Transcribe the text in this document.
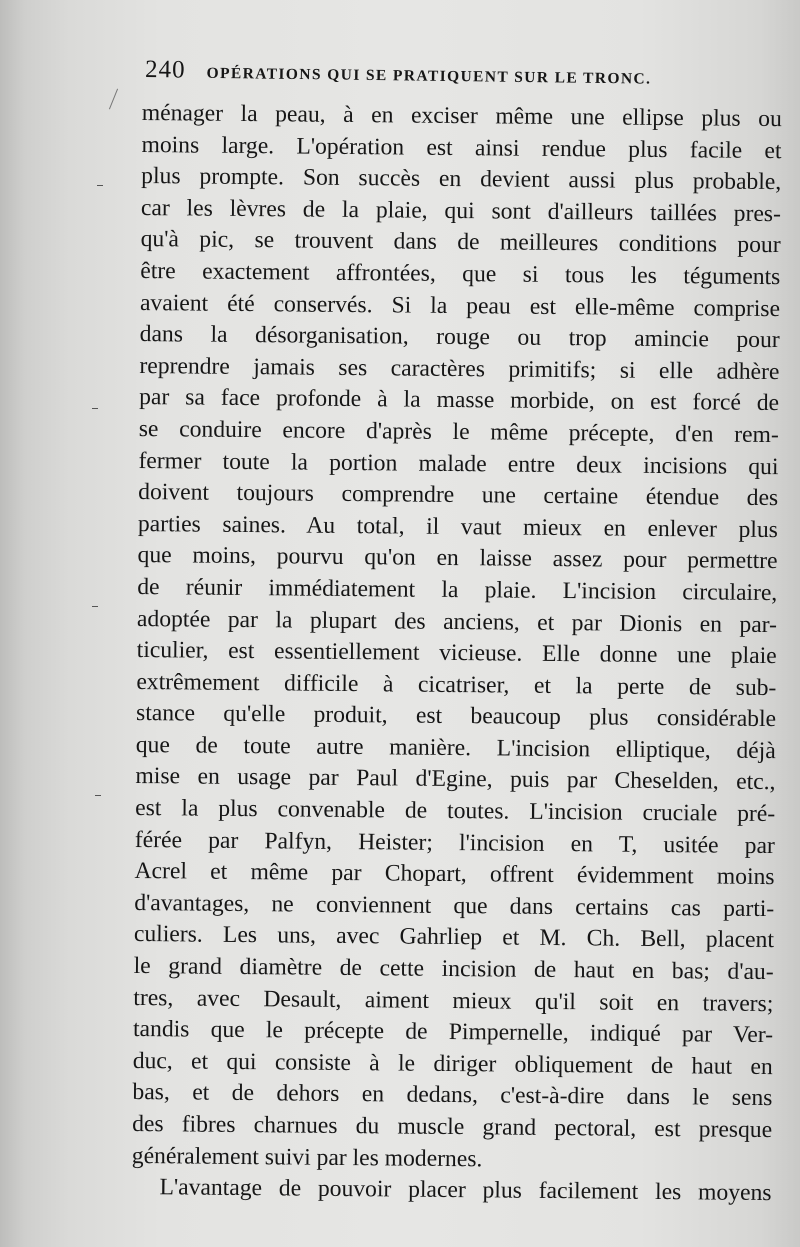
240 OPÉRATIONS QUI SE PRATIQUENT SUR LE TRONC.
ménager la peau, à en exciser même une ellipse plus ou
moins large. L'opération est ainsi rendue plus facile et
plus prompte. Son succès en devient aussi plus probable,
car les lèvres de la plaie, qui sont d'ailleurs taillées pres-
qu'à pic, se trouvent dans de meilleures conditions pour
être exactement affrontées, que si tous les téguments
avaient été conservés. Si la peau est elle-même comprise
dans la désorganisation, rouge ou trop amincie pour
reprendre jamais ses caractères primitifs; si elle adhère
par sa face profonde à la masse morbide, on est forcé de
se conduire encore d'après le même précepte, d'en rem-
fermer toute la portion malade entre deux incisions qui
doivent toujours comprendre une certaine étendue des
parties saines. Au total, il vaut mieux en enlever plus
que moins, pourvu qu'on en laisse assez pour permettre
de réunir immédiatement la plaie. L'incision circulaire,
adoptée par la plupart des anciens, et par Dionis en par-
ticulier, est essentiellement vicieuse. Elle donne une plaie
extrêmement difficile à cicatriser, et la perte de sub-
stance qu'elle produit, est beaucoup plus considérable
que de toute autre manière. L'incision elliptique, déjà
mise en usage par Paul d'Egine, puis par Cheselden, etc.,
est la plus convenable de toutes. L'incision cruciale pré-
férée par Palfyn, Heister; l'incision en T, usitée par
Acrel et même par Chopart, offrent évidemment moins
d'avantages, ne conviennent que dans certains cas parti-
culiers. Les uns, avec Gahrliep et M. Ch. Bell, placent
le grand diamètre de cette incision de haut en bas; d'au-
tres, avec Desault, aiment mieux qu'il soit en travers;
tandis que le précepte de Pimpernelle, indiqué par Ver-
duc, et qui consiste à le diriger obliquement de haut en
bas, et de dehors en dedans, c'est-à-dire dans le sens
des fibres charnues du muscle grand pectoral, est presque
généralement suivi par les modernes.
L'avantage de pouvoir placer plus facilement les moyens
